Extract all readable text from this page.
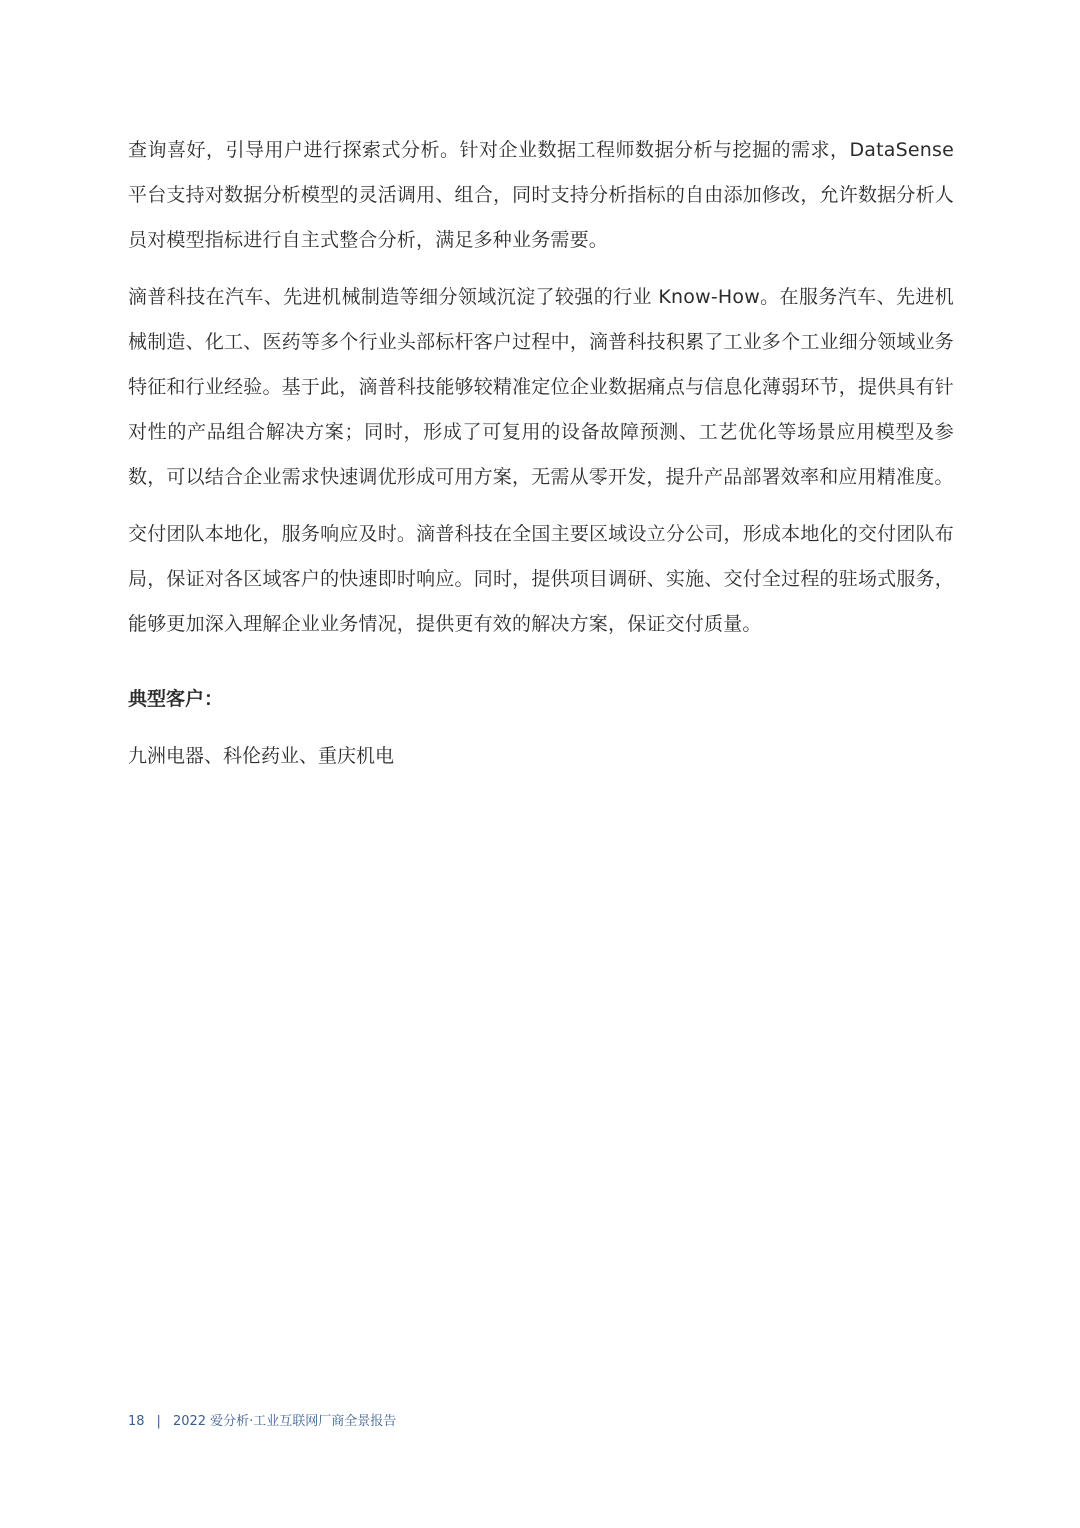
查询喜好，引导用户进行探索式分析。针对企业数据工程师数据分析与挖掘的需求，DataSense 平台支持对数据分析模型的灵活调用、组合，同时支持分析指标的自由添加修改，允许数据分析人员对模型指标进行自主式整合分析，满足多种业务需要。

滴普科技在汽车、先进机械制造等细分领域沉淀了较强的行业 Know-How。在服务汽车、先进机械制造、化工、医药等多个行业头部标杆客户过程中，滴普科技积累了工业多个工业细分领域业务特征和行业经验。基于此，滴普科技能够较精准定位企业数据痛点与信息化薄弱环节，提供具有针对性的产品组合解决方案；同时，形成了可复用的设备故障预测、工艺优化等场景应用模型及参数，可以结合企业需求快速调优形成可用方案，无需从零开发，提升产品部署效率和应用精准度。

交付团队本地化，服务响应及时。滴普科技在全国主要区域设立分公司，形成本地化的交付团队布局，保证对各区域客户的快速即时响应。同时，提供项目调研、实施、交付全过程的驻场式服务，能够更加深入理解企业业务情况，提供更有效的解决方案，保证交付质量。

典型客户：

九洲电器、科伦药业、重庆机电

18 | 2022 爱分析·工业互联网厂商全景报告
